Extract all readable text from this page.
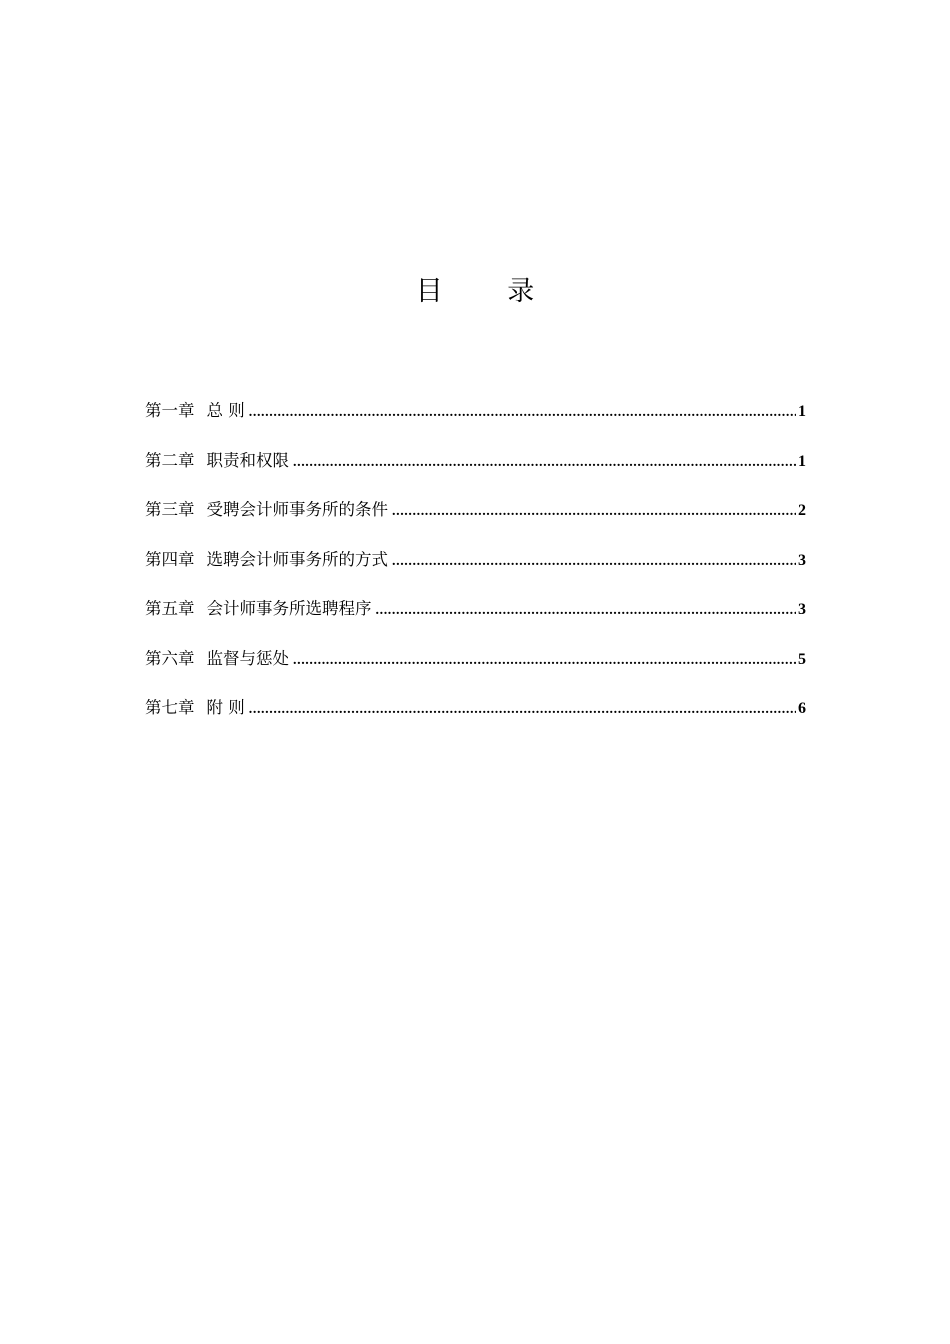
目 录
第一章 总 则 .....	1
第二章 职责和权限 .....	1
第三章 受聘会计师事务所的条件 .....	2
第四章 选聘会计师事务所的方式 .....	3
第五章 会计师事务所选聘程序 .....	3
第六章 监督与惩处 .....	5
第七章 附 则 .....	6
